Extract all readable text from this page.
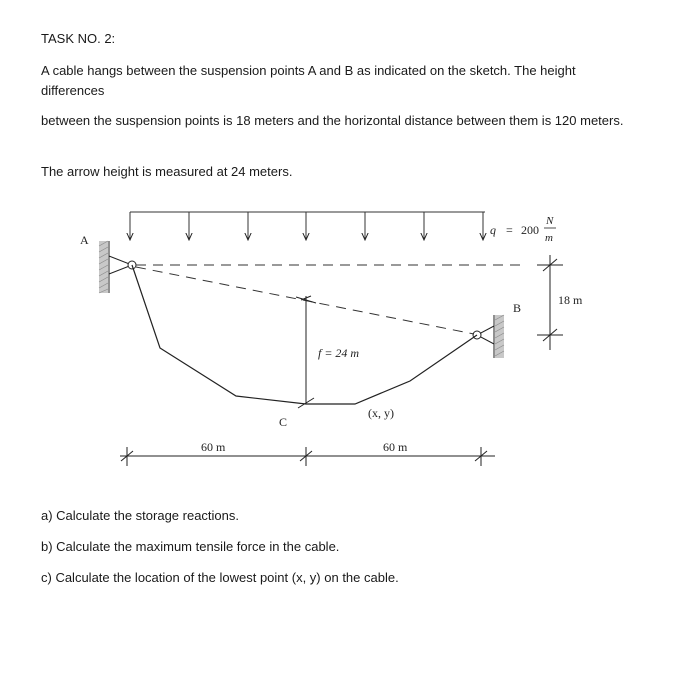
TASK NO. 2:

A cable hangs between the suspension points A and B as indicated on the sketch. The height differences

between the suspension points is 18 meters and the horizontal distance between them is 120 meters.

The arrow height is measured at 24 meters.

q = 200
N
m
A
B
f = 24 m
C
(x, y)
18 m
60 m	60 m

a) Calculate the storage reactions.

b) Calculate the maximum tensile force in the cable.

c) Calculate the location of the lowest point (x, y) on the cable.
